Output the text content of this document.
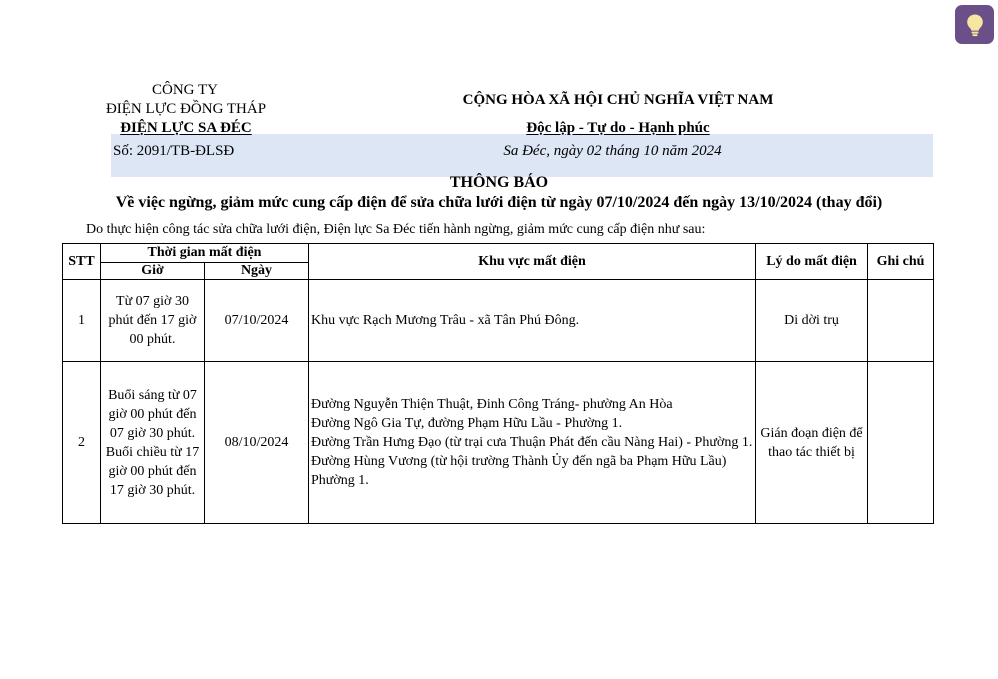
CÔNG TY
ĐIỆN LỰC ĐỒNG THÁP
ĐIỆN LỰC SA ĐÉC
Số: 2091/TB-ĐLSĐ
CỘNG HÒA XÃ HỘI CHỦ NGHĨA VIỆT NAM
Độc lập - Tự do - Hạnh phúc
Sa Đéc, ngày 02 tháng 10 năm 2024
THÔNG BÁO
Về việc ngừng, giảm mức cung cấp điện để sửa chữa lưới điện từ ngày 07/10/2024 đến ngày 13/10/2024 (thay đổi)
Do thực hiện công tác sửa chữa lưới điện, Điện lực Sa Đéc tiến hành ngừng, giảm mức cung cấp điện như sau:
STT	Thời gian mất điện		Khu vực mất điện	Lý do mất điện	Ghi chú
	Giờ	Ngày			
1	Từ 07 giờ 30 phút đến 17 giờ 00 phút.	07/10/2024	Khu vực Rạch Mương Trâu - xã Tân Phú Đông.	Di dời trụ	
2	Buổi sáng từ 07 giờ 00 phút đến 07 giờ 30 phút. Buổi chiều từ 17 giờ 00 phút đến 17 giờ 30 phút.	08/10/2024	Đường Nguyễn Thiện Thuật, Đinh Công Tráng- phường An Hòa
Đường Ngô Gia Tự, đường Phạm Hữu Lầu - Phường 1.
Đường Trần Hưng Đạo (từ trại cưa Thuận Phát đến cầu Nàng Hai) - Phường 1.
Đường Hùng Vương (từ hội trường Thành Ủy đến ngã ba Phạm Hữu Lầu) Phường 1.	Gián đoạn điện để thao tác thiết bị	
